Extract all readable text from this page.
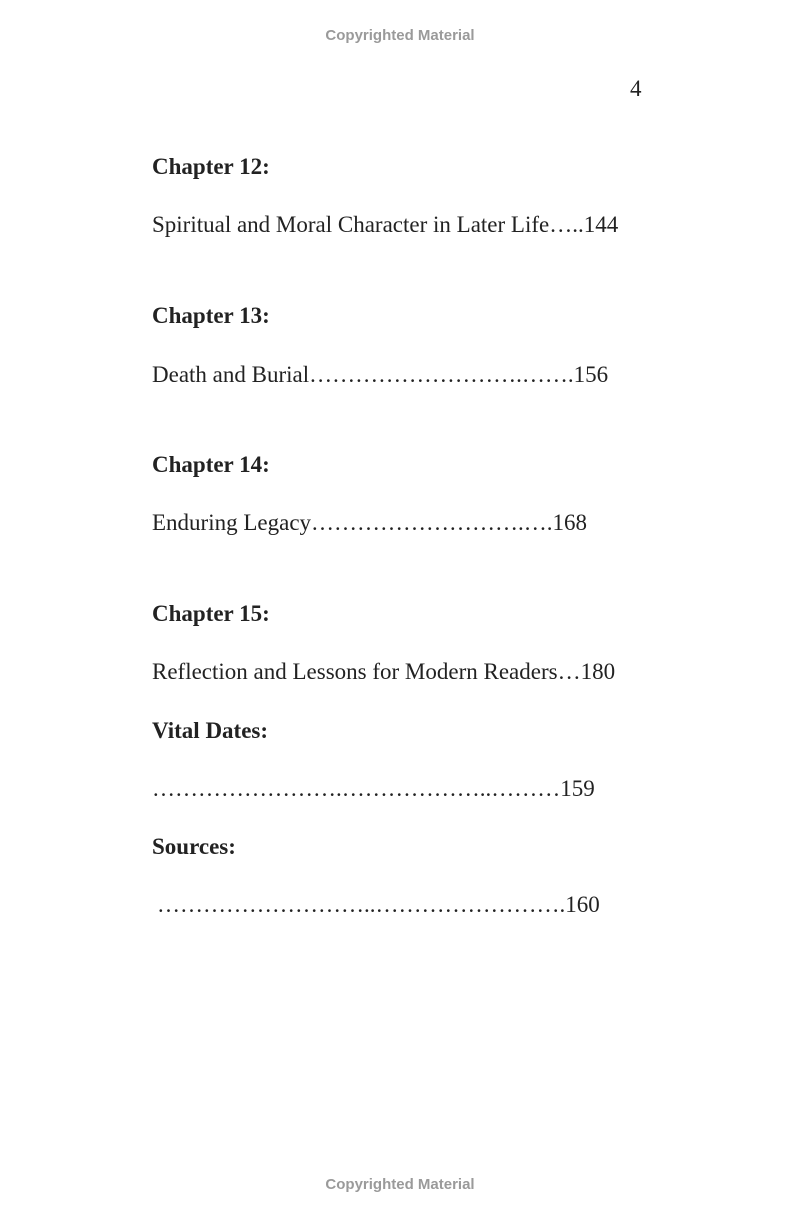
Copyrighted Material
4
Chapter 12:
Spiritual and Moral Character in Later Life…..144
Chapter 13:
Death and Burial……………………….…….156
Chapter 14:
Enduring Legacy……………………….….168
Chapter 15:
Reflection and Lessons for Modern Readers…180
Vital Dates:
…………………….………………..………159
Sources:
………………………..…………………….160
Copyrighted Material
